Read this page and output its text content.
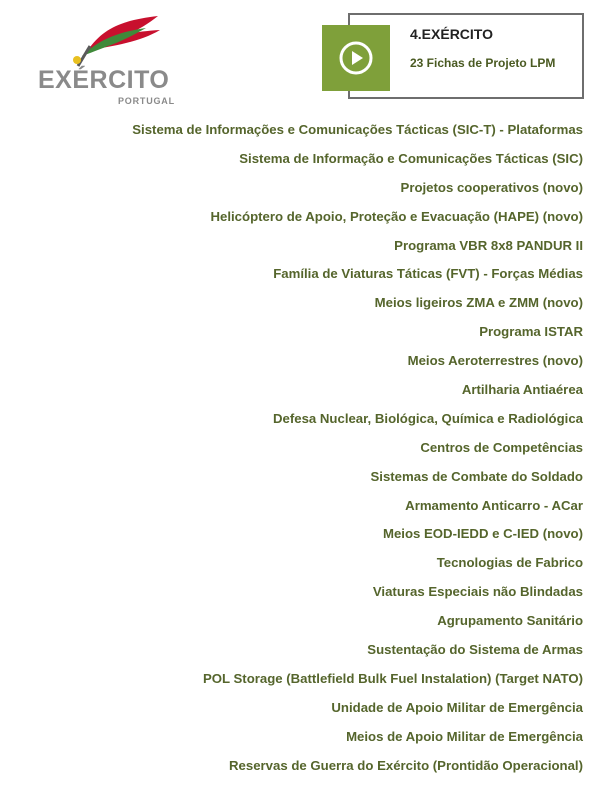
EXÉRCITO
PORTUGAL
4.EXÉRCITO
23 Fichas de Projeto LPM
Sistema de Informações e Comunicações Tácticas (SIC-T) - Plataformas
Sistema de Informação e Comunicações Tácticas (SIC)
Projetos cooperativos (novo)
Helicóptero de Apoio, Proteção e Evacuação (HAPE) (novo)
Programa VBR 8x8 PANDUR II
Família de Viaturas Táticas (FVT) - Forças Médias
Meios ligeiros ZMA e ZMM (novo)
Programa ISTAR
Meios Aeroterrestres (novo)
Artilharia Antiaérea
Defesa Nuclear, Biológica, Química e Radiológica
Centros de Competências
Sistemas de Combate do Soldado
Armamento Anticarro - ACar
Meios EOD-IEDD e C-IED (novo)
Tecnologias de Fabrico
Viaturas Especiais não Blindadas
Agrupamento Sanitário
Sustentação do Sistema de Armas
POL Storage (Battlefield Bulk Fuel Instalation) (Target NATO)
Unidade de Apoio Militar de Emergência
Meios de Apoio Militar de Emergência
Reservas de Guerra do Exército (Prontidão Operacional)
